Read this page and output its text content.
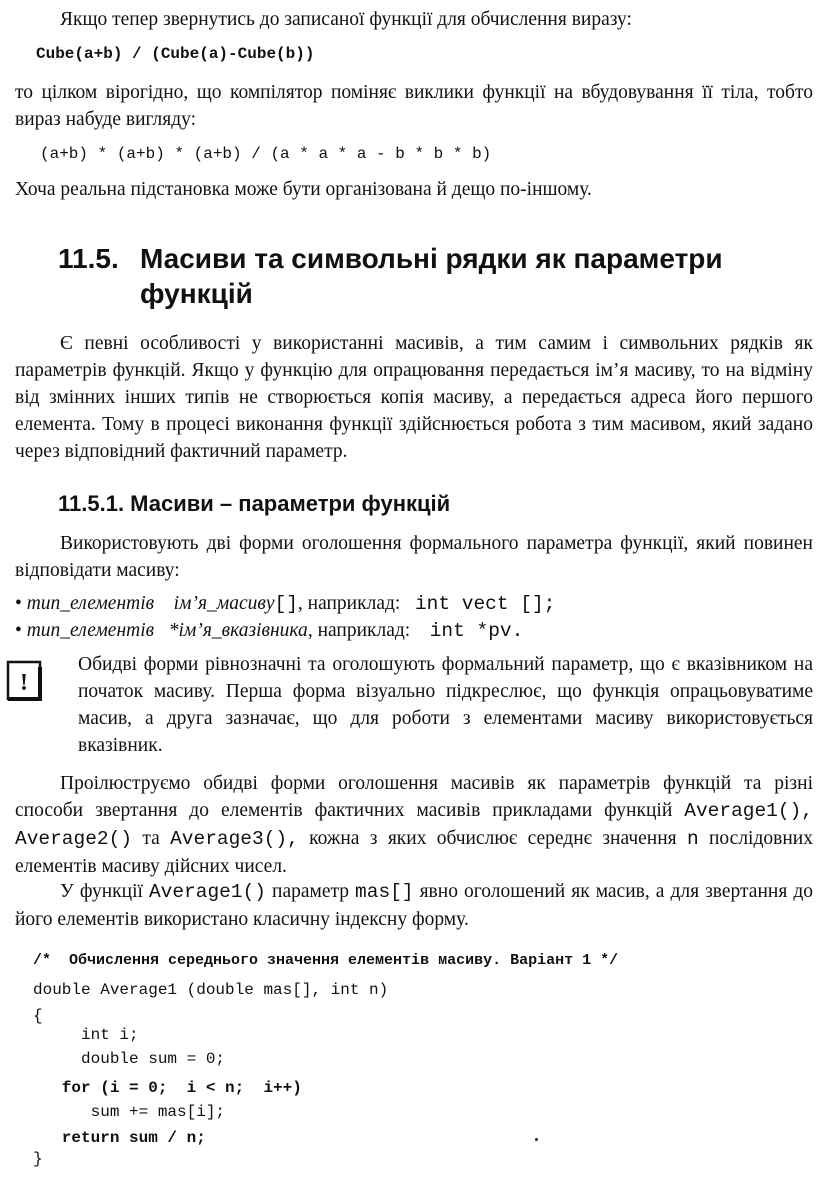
Якщо тепер звернутись до записаної функції для обчислення виразу:

Cube(a+b) / (Cube(a)-Cube(b))

то цілком вірогідно, що компілятор поміняє виклики функції на вбудовування її тіла, тобто вираз набуде вигляду:

(a+b) * (a+b) * (a+b) / (a * a * a - b * b * b)

Хоча реальна підстановка може бути організована й дещо по-іншому.

11.5. Масиви та символьні рядки як параметри
функцій

Є певні особливості у використанні масивів, а тим самим і символьних рядків як параметрів функцій. Якщо у функцію для опрацювання передається ім’я масиву, то на відміну від змінних інших типів не створюється копія масиву, а передається адреса його першого елемента. Тому в процесі виконання функції здійснюється робота з тим масивом, який задано через відповідний фактичний параметр.

11.5.1. Масиви – параметри функцій

Використовують дві форми оголошення формального параметра функції, який повинен відповідати масиву:

• тип_елементів ім’я_масиву[], наприклад:   int vect [];
• тип_елементів *ім’я_вказівника, наприклад:    int *pv.
!

Обидві форми рівнозначні та оголошують формальний параметр, що є вказівником на початок масиву. Перша форма візуально підкреслює, що функція опрацьовуватиме масив, а друга зазначає, що для роботи з елементами масиву використовується вказівник.

Проілюструємо обидві форми оголошення масивів як параметрів функцій та різні способи звертання до елементів фактичних масивів прикладами функцій Average1(), Average2() та Average3(), кожна з яких обчислює середнє значення n послідовних елементів масиву дійсних чисел.

У функції Average1() параметр mas[] явно оголошений як масив, а для звертання до його елементів використано класичну індексну форму.

/*  Обчислення середнього значення елементів масиву. Варіант 1 */
double Average1 (double mas[], int n)
{
int i;
double sum = 0;
for (i = 0;  i < n;  i++)
sum += mas[i];
return sum / n;
}
